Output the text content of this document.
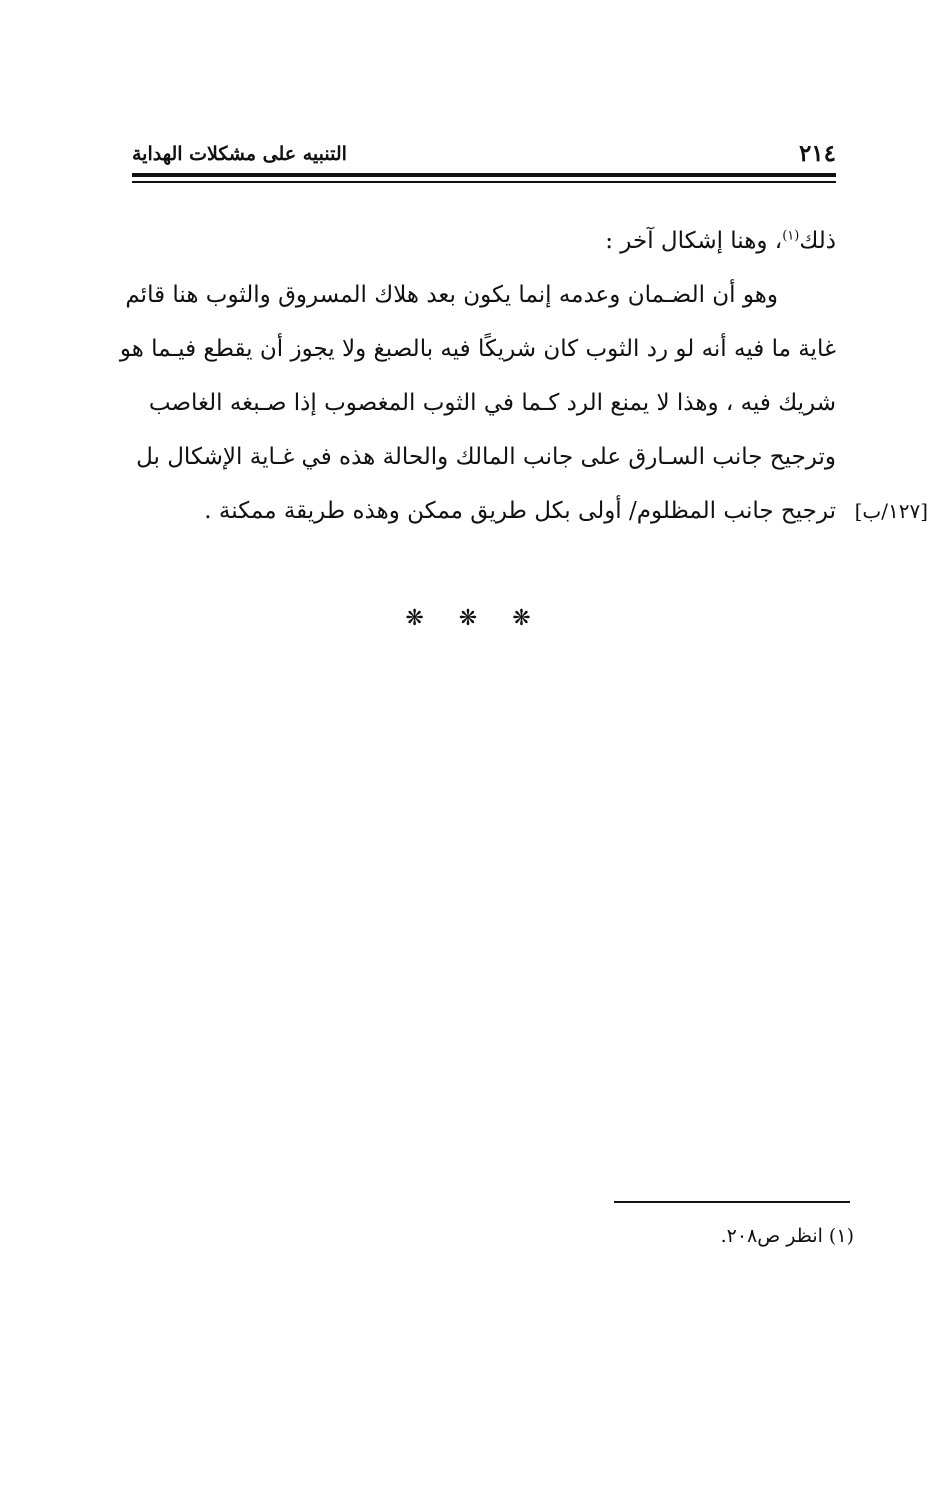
٢١٤
التنبيه على مشكلات الهداية
ذلك$^{(١)}$، وهنا إشكال آخر :
وهو أن الضـمان وعدمه إنما يكون بعد هلاك المسروق والثوب هنا قائم
غاية ما فيه أنه لو رد الثوب كان شريكًا فيه بالصبغ ولا يجوز أن يقطع فيـما هو
شريك فيه ، وهذا لا يمنع الرد كـما في الثوب المغصوب إذا صـبغه الغاصب
وترجيح جانب السـارق على جانب المالك والحالة هذه في غـاية الإشكال بل
[١٢٧/ب]
ترجيح جانب المظلوم/ أولى بكل طريق ممكن وهذه طريقة ممكنة .
❋ ❋ ❋
(١) انظر ص٢٠٨.
